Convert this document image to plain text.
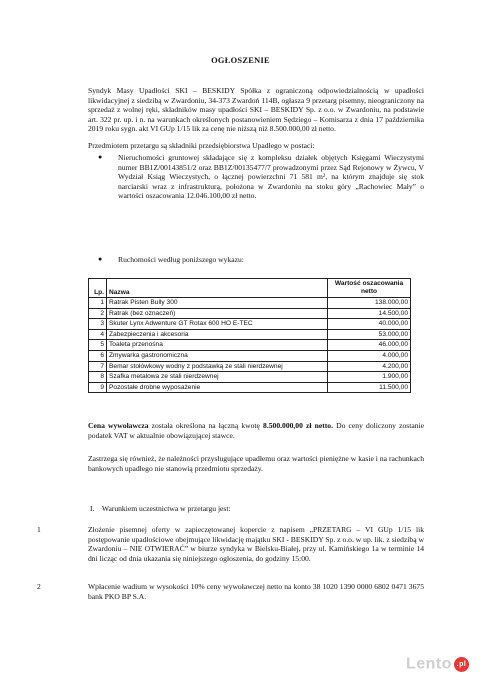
OGŁOSZENIE
Syndyk Masy Upadłości SKI – BESKIDY Spółka z ograniczoną odpowiedzialnością w upadłości likwidacyjnej z siedzibą w Zwardoniu, 34-373 Zwardoń 114B, ogłasza 9 przetarg pisemny, nieograniczony na sprzedaż z wolnej ręki, składników masy upadłości SKI – BESKIDY Sp. z o.o. w Zwardoniu, na podstawie art. 322 pr. up. i n. na warunkach określonych postanowieniem Sędziego – Komisarza z dnia 17 października 2019 roku sygn. akt VI GUp 1/15 lik za cenę nie niższą niż 8.500.000,00 zł netto.
Przedmiotem przetargu są składniki przedsiębiorstwa Upadłego w postaci:
● Nieruchomości gruntowej składające się z kompleksu działek objętych Księgami Wieczystymi numer BB1Z/00143851/2 oraz BB1Z/00135477/7 prowadzonymi przez Sąd Rejonowy w Żywcu, V Wydział Ksiąg Wieczystych, o łącznej powierzchni 71 581 m², na którym znajduje się stok narciarski wraz z infrastrukturą, położona w Zwardoniu na stoku góry „Rachowiec Mały” o wartości oszacowania 12.046.100,00 zł netto.
● Ruchomości według poniższego wykazu:
Lp.	Nazwa	Wartość oszacowania netto
1	Ratrak Pisten Bully 300	138.000,00
2	Ratrak (bez oznaczeń)	14.500,00
3	Skuter Lynx Adwenture GT Rotax 600 HO E-TEC	40.000,00
4	Zabezpieczenia i akcesoria	53.000,00
5	Toaleta przenośna	46.000,00
6	Zmywarka gastronomiczna	4.000,00
7	Bemar stołówkowy wodny z podstawką ze stali nierdzewnej	4.200,00
8	Szafka metalowa ze stali nierdzewnej	1.900,00
9	Pozostałe drobne wyposażenie	11.500,00
Cena wywoławcza została określona na łączną kwotę 8.500.000,00 zł netto. Do ceny doliczony zostanie podatek VAT w aktualnie obowiązującej stawce.
Zastrzega się również, że należności przysługujące upadłemu oraz wartości pieniężne w kasie i na rachunkach bankowych upadłego nie stanowią przedmiotu sprzedaży.
I.    Warunkiem uczestnictwa w przetargu jest:
1	Złożenie pisemnej oferty w zapieczętowanej kopercie z napisem „PRZETARG – VI GUp 1/15 lik postępowanie upadłościowe obejmujące likwidację majątku SKI - BESKIDY Sp. z o.o. w up. lik. z siedzibą w Zwardoniu – NIE OTWIERAĆ” w biurze syndyka w Bielsku-Białej, przy ul. Kamińskiego 1a w terminie 14 dni licząc od dnia ukazania się niniejszego ogłoszenia, do godziny 15:00.
2	Wpłacenie wadium w wysokości 10% ceny wywoławczej netto na konto 38 1020 1390 0000 6802 0471 3675 bank PKO BP S.A.
Lento .pl
